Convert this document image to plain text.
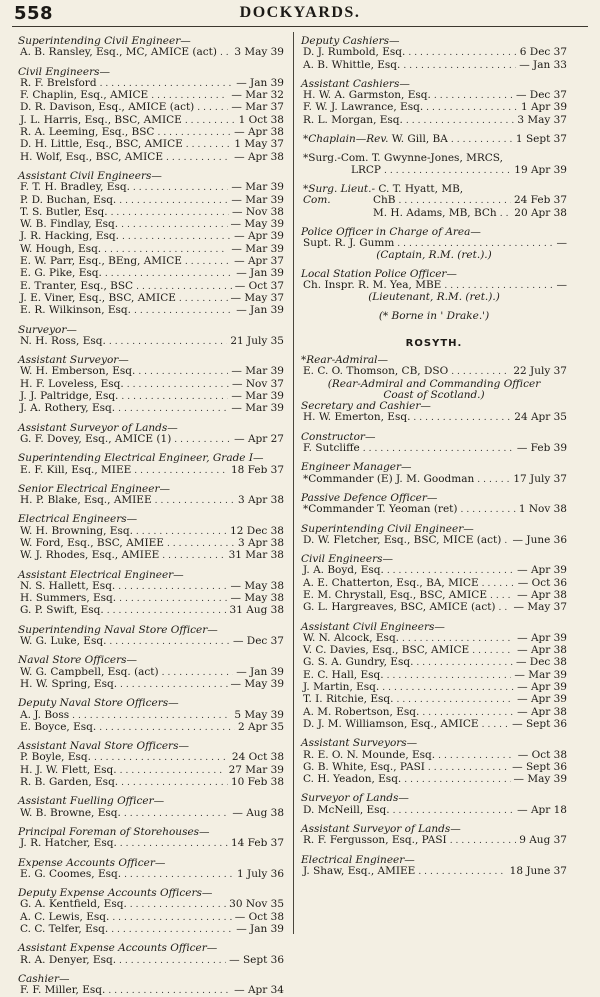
558	DOCKYARDS.
Superintending Civil Engineer—
A. B. Ransley, Esq., MC, AMICE (act) ..... 3 May 39
Civil Engineers—
R. F. Brelsford .....	— Jan 39
F. Chaplin, Esq., AMICE .....	— Mar 32
D. R. Davison, Esq., AMICE (act) .....	— Mar 37
J. L. Harris, Esq., BSC, AMICE .....	1 Oct 38
R. A. Leeming, Esq., BSC .....	— Apr 38
D. H. Little, Esq., BSC, AMICE .....	1 May 37
H. Wolf, Esq., BSC, AMICE .....	— Apr 38
Assistant Civil Engineers—
F. T. H. Bradley, Esq. .....	— Mar 39
P. D. Buchan, Esq. .....	— Mar 39
T. S. Butler, Esq. .....	— Nov 38
W. B. Findlay, Esq. .....	— May 39
J. R. Hacking, Esq. .....	— Apr 39
W. Hough, Esq. .....	— Mar 39
E. W. Parr, Esq., BEng, AMICE .....	— Apr 37
E. G. Pike, Esq. .....	— Jan 39
E. Tranter, Esq., BSC .....	— Oct 37
J. E. Viner, Esq., BSC, AMICE .....	— May 37
E. R. Wilkinson, Esq. .....	— Jan 39
Surveyor—
N. H. Ross, Esq. .....	21 July 35
Assistant Surveyor—
W. H. Emberson, Esq. .....	— Mar 39
H. F. Loveless, Esq. .....	— Nov 37
J. J. Paltridge, Esq. .....	— Mar 39
J. A. Rothery, Esq. .....	— Mar 39
Assistant Surveyor of Lands—
G. F. Dovey, Esq., AMICE (1) .....	— Apr 27
Superintending Electrical Engineer, Grade I—
E. F. Kill, Esq., MIEE .....	18 Feb 37
Senior Electrical Engineer—
H. P. Blake, Esq., AMIEE .....	3 Apr 38
Electrical Engineers—
W. H. Browning, Esq. .....	12 Dec 38
W. Ford, Esq., BSC, AMIEE .....	3 Apr 38
W. J. Rhodes, Esq., AMIEE .....	31 Mar 38
Assistant Electrical Engineer—
N. S. Hallett, Esq. .....	— May 38
H. Summers, Esq. .....	— May 38
G. P. Swift, Esq. .....	31 Aug 38
Superintending Naval Store Officer—
W. G. Luke, Esq. .....	— Dec 37
Naval Store Officers—
W. G. Campbell, Esq. (act) .....	— Jan 39
H. W. Spring, Esq. .....	— May 39
Deputy Naval Store Officers—
A. J. Boss .....	5 May 39
E. Boyce, Esq. .....	2 Apr 35
Assistant Naval Store Officers—
P. Boyle, Esq. .....	24 Oct 38
H. J. W. Flett, Esq. .....	27 Mar 39
R. B. Garden, Esq. .....	10 Feb 38
Assistant Fuelling Officer—
W. B. Browne, Esq. .....	— Aug 38
Principal Foreman of Storehouses—
J. R. Hatcher, Esq. .....	14 Feb 37
Expense Accounts Officer—
E. G. Coomes, Esq. .....	1 July 36
Deputy Expense Accounts Officers—
G. A. Kentfield, Esq. .....	30 Nov 35
A. C. Lewis, Esq. .....	— Oct 38
C. C. Telfer, Esq. .....	— Jan 39
Assistant Expense Accounts Officer—
R. A. Denyer, Esq. .....	— Sept 36
Cashier—
F. F. Miller, Esq. .....	— Apr 34
Deputy Cashiers—
D. J. Rumbold, Esq. .....	6 Dec 37
A. B. Whittle, Esq. .....	— Jan 33
Assistant Cashiers—
H. W. A. Garmston, Esq. .....	— Dec 37
F. W. J. Lawrance, Esq. .....	1 Apr 39
R. L. Morgan, Esq. .....	3 May 37
*Chaplain—Rev. W. Gill, BA .....	1 Sept 37
*Surg.-Com. T. Gwynne-Jones, MRCS,
LRCP .....	19 Apr 39
*Surg. Lieut.- C. T. Hyatt, MB,
Com.	ChB .....	24 Feb 37
M. H. Adams, MB, BCh ..... 20 Apr 38
Police Officer in Charge of Area—
Supt. R. J. Gumm .....	—
(Captain, R.M. (ret.).)
Local Station Police Officer—
Ch. Inspr. R. M. Yea, MBE .....	—
(Lieutenant, R.M. (ret.).)
(* Borne in ' Drake.')
ROSYTH.
*Rear-Admiral—
E. C. O. Thomson, CB, DSO .....	22 July 37
(Rear-Admiral and Commanding Officer
Coast of Scotland.)
Secretary and Cashier—
H. W. Emerton, Esq. .....	24 Apr 35
Constructor—
F. Sutcliffe .....	— Feb 39
Engineer Manager—
*Commander (E) J. M. Goodman .....	17 July 37
Passive Defence Officer—
*Commander T. Yeoman (ret) .....	1 Nov 38
Superintending Civil Engineer—
D. W. Fletcher, Esq., BSC, MICE (act) ..... — June 36
Civil Engineers—
J. A. Boyd, Esq. .....	— Apr 39
A. E. Chatterton, Esq., BA, MICE .....	— Oct 36
E. M. Chrystall, Esq., BSC, AMICE .....	— Apr 38
G. L. Hargreaves, BSC, AMICE (act) ..... — May 37
Assistant Civil Engineers—
W. N. Alcock, Esq. .....	— Apr 39
V. C. Davies, Esq., BSC, AMICE .....	— Apr 38
G. S. A. Gundry, Esq. .....	— Dec 38
E. C. Hall, Esq. .....	— Mar 39
J. Martin, Esq. .....	— Apr 39
T. I. Ritchie, Esq. .....	— Apr 39
A. M. Robertson, Esq. .....	— Apr 38
D. J. M. Williamson, Esq., AMICE .....	— Sept 36
Assistant Surveyors—
R. E. O. N. Mounde, Esq. .....	— Oct 38
G. B. White, Esq., PASI .....	— Sept 36
C. H. Yeadon, Esq. .....	— May 39
Surveyor of Lands—
D. McNeill, Esq. .....	— Apr 18
Assistant Surveyor of Lands—
R. F. Fergusson, Esq., PASI .....	9 Aug 37
Electrical Engineer—
J. Shaw, Esq., AMIEE .....	18 June 37
